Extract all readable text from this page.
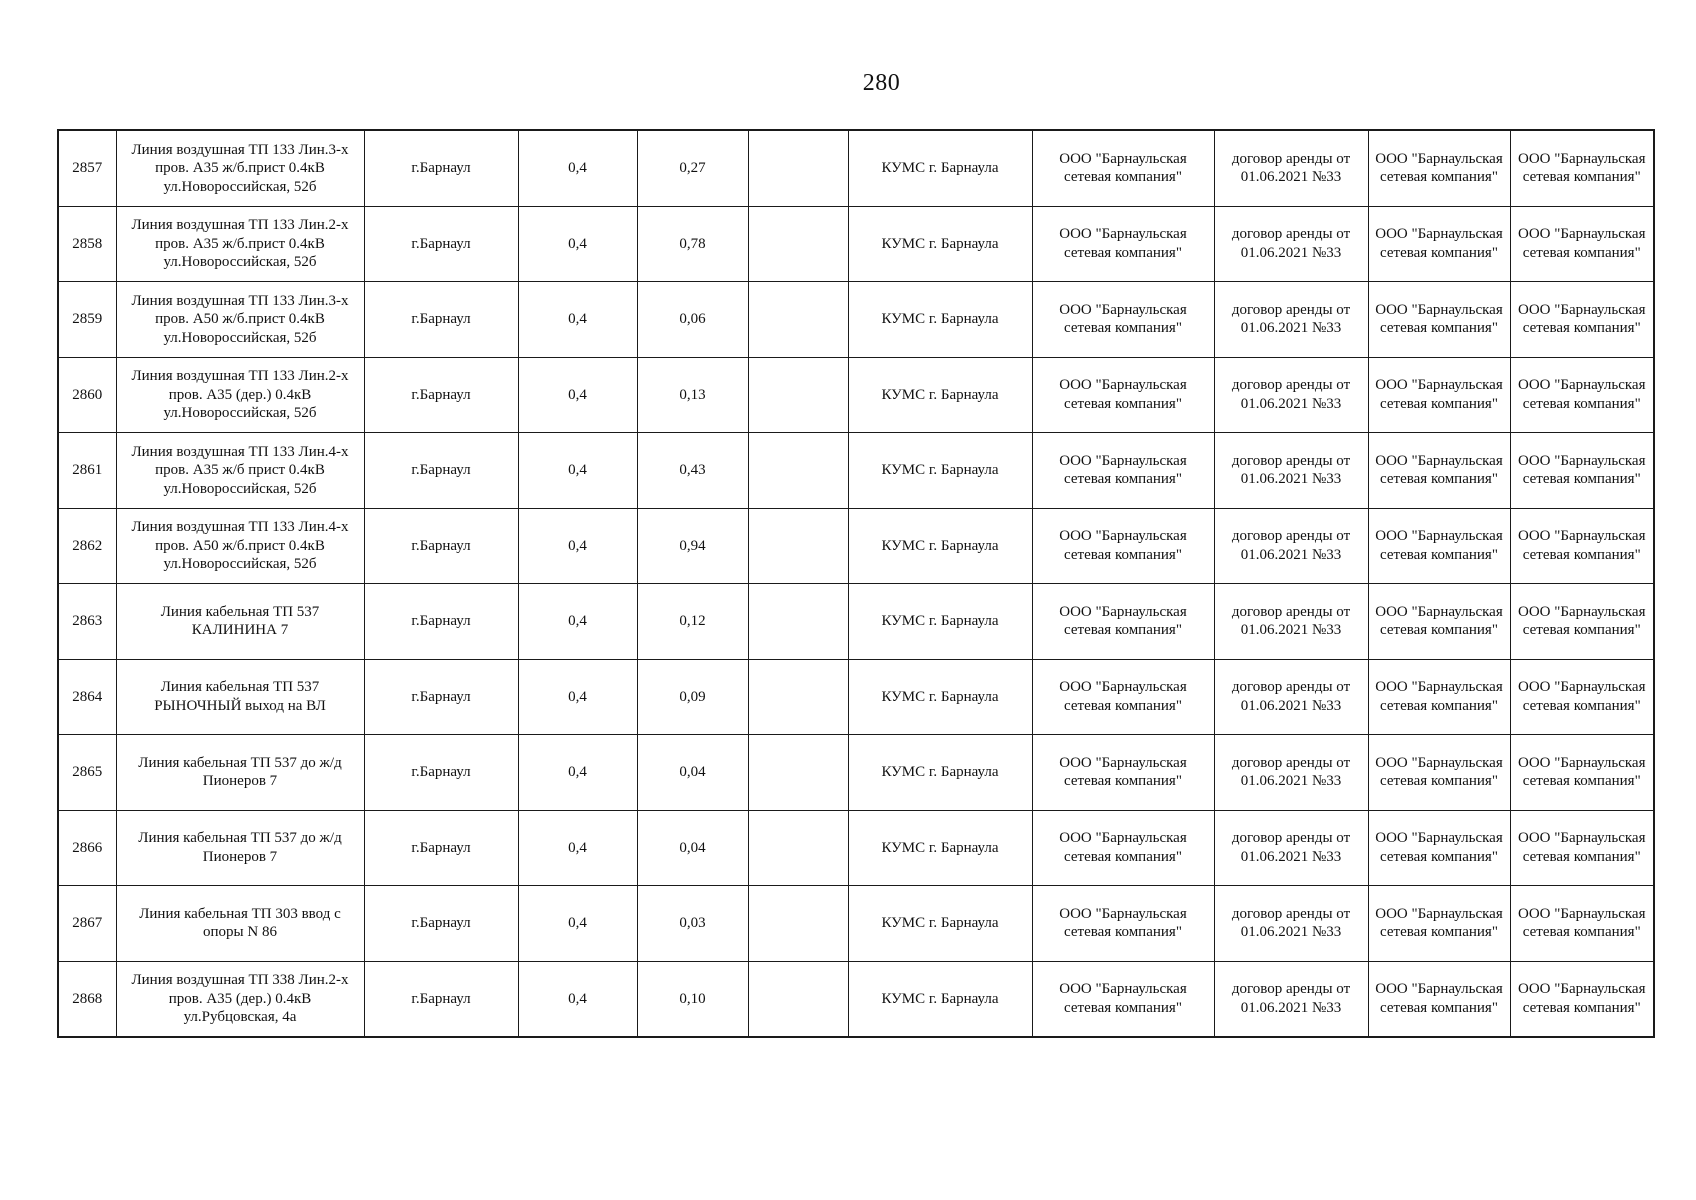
280
2857	Линия воздушная ТП 133 Лин.3-х пров. А35 ж/б.прист 0.4кВ ул.Новороссийская, 52б	г.Барнаул	0,4	0,27		КУМС г. Барнаула	ООО "Барнаульская сетевая компания"	договор аренды от 01.06.2021 №33	ООО "Барнаульская сетевая компания"	ООО "Барнаульская сетевая компания"
2858	Линия воздушная ТП 133 Лин.2-х пров. А35 ж/б.прист 0.4кВ ул.Новороссийская, 52б	г.Барнаул	0,4	0,78		КУМС г. Барнаула	ООО "Барнаульская сетевая компания"	договор аренды от 01.06.2021 №33	ООО "Барнаульская сетевая компания"	ООО "Барнаульская сетевая компания"
2859	Линия воздушная ТП 133 Лин.3-х пров. А50 ж/б.прист 0.4кВ ул.Новороссийская, 52б	г.Барнаул	0,4	0,06		КУМС г. Барнаула	ООО "Барнаульская сетевая компания"	договор аренды от 01.06.2021 №33	ООО "Барнаульская сетевая компания"	ООО "Барнаульская сетевая компания"
2860	Линия воздушная ТП 133 Лин.2-х пров. А35 (дер.) 0.4кВ ул.Новороссийская, 52б	г.Барнаул	0,4	0,13		КУМС г. Барнаула	ООО "Барнаульская сетевая компания"	договор аренды от 01.06.2021 №33	ООО "Барнаульская сетевая компания"	ООО "Барнаульская сетевая компания"
2861	Линия воздушная ТП 133 Лин.4-х пров. А35 ж/б прист 0.4кВ ул.Новороссийская, 52б	г.Барнаул	0,4	0,43		КУМС г. Барнаула	ООО "Барнаульская сетевая компания"	договор аренды от 01.06.2021 №33	ООО "Барнаульская сетевая компания"	ООО "Барнаульская сетевая компания"
2862	Линия воздушная ТП 133 Лин.4-х пров. А50 ж/б.прист 0.4кВ ул.Новороссийская, 52б	г.Барнаул	0,4	0,94		КУМС г. Барнаула	ООО "Барнаульская сетевая компания"	договор аренды от 01.06.2021 №33	ООО "Барнаульская сетевая компания"	ООО "Барнаульская сетевая компания"
2863	Линия кабельная ТП 537 КАЛИНИНА 7	г.Барнаул	0,4	0,12		КУМС г. Барнаула	ООО "Барнаульская сетевая компания"	договор аренды от 01.06.2021 №33	ООО "Барнаульская сетевая компания"	ООО "Барнаульская сетевая компания"
2864	Линия кабельная ТП 537 РЫНОЧНЫЙ выход на ВЛ	г.Барнаул	0,4	0,09		КУМС г. Барнаула	ООО "Барнаульская сетевая компания"	договор аренды от 01.06.2021 №33	ООО "Барнаульская сетевая компания"	ООО "Барнаульская сетевая компания"
2865	Линия кабельная ТП 537 до ж/д Пионеров 7	г.Барнаул	0,4	0,04		КУМС г. Барнаула	ООО "Барнаульская сетевая компания"	договор аренды от 01.06.2021 №33	ООО "Барнаульская сетевая компания"	ООО "Барнаульская сетевая компания"
2866	Линия кабельная ТП 537 до ж/д Пионеров 7	г.Барнаул	0,4	0,04		КУМС г. Барнаула	ООО "Барнаульская сетевая компания"	договор аренды от 01.06.2021 №33	ООО "Барнаульская сетевая компания"	ООО "Барнаульская сетевая компания"
2867	Линия кабельная ТП 303 ввод с опоры N 86	г.Барнаул	0,4	0,03		КУМС г. Барнаула	ООО "Барнаульская сетевая компания"	договор аренды от 01.06.2021 №33	ООО "Барнаульская сетевая компания"	ООО "Барнаульская сетевая компания"
2868	Линия воздушная ТП 338 Лин.2-х пров. А35 (дер.) 0.4кВ ул.Рубцовская, 4а	г.Барнаул	0,4	0,10		КУМС г. Барнаула	ООО "Барнаульская сетевая компания"	договор аренды от 01.06.2021 №33	ООО "Барнаульская сетевая компания"	ООО "Барнаульская сетевая компания"
